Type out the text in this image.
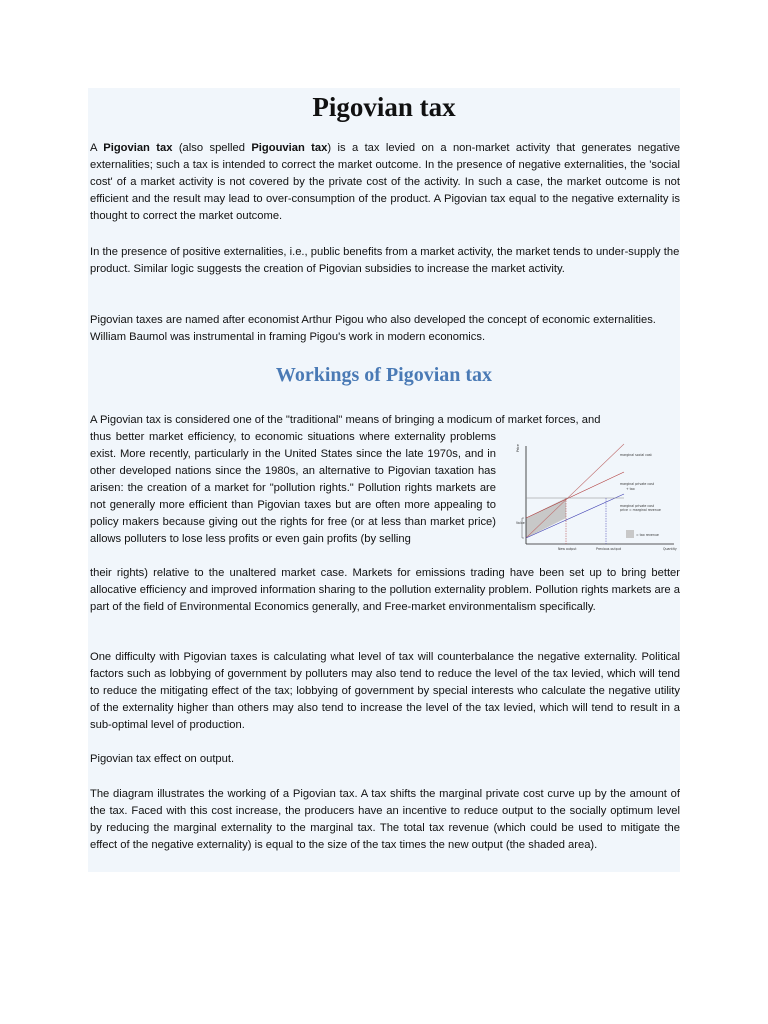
Pigovian tax

A Pigovian tax (also spelled Pigouvian tax) is a tax levied on a non-market activity that generates negative externalities; such a tax is intended to correct the market outcome. In the presence of negative externalities, the 'social cost' of a market activity is not covered by the private cost of the activity. In such a case, the market outcome is not efficient and the result may lead to over-consumption of the product. A Pigovian tax equal to the negative externality is thought to correct the market outcome.

In the presence of positive externalities, i.e., public benefits from a market activity, the market tends to under-supply the product. Similar logic suggests the creation of Pigovian subsidies to increase the market activity.

Pigovian taxes are named after economist Arthur Pigou who also developed the concept of economic externalities. William Baumol was instrumental in framing Pigou's work in modern economics.

Workings of Pigovian tax

A Pigovian tax is considered one of the "traditional" means of bringing a modicum of market forces, and

thus better market efficiency, to economic situations where externality problems exist. More recently, particularly in the United States since the late 1970s, and in other developed nations since the 1980s, an alternative to Pigovian taxation has arisen: the creation of a market for "pollution rights." Pollution rights markets are not generally more efficient than Pigovian taxes but are often more appealing to policy makers because giving out the rights for free (or at less than market price) allows polluters to lose less profits or even gain profits (by selling

Price
Quantity
marginal social cost
marginal private cost
+ tax
marginal private cost
price = marginal revenue
= tax revenue
Value
New output	Previous output

their rights) relative to the unaltered market case. Markets for emissions trading have been set up to bring better allocative efficiency and improved information sharing to the pollution externality problem. Pollution rights markets are a part of the field of Environmental Economics generally, and Free-market environmentalism specifically.

One difficulty with Pigovian taxes is calculating what level of tax will counterbalance the negative externality. Political factors such as lobbying of government by polluters may also tend to reduce the level of the tax levied, which will tend to reduce the mitigating effect of the tax; lobbying of government by special interests who calculate the negative utility of the externality higher than others may also tend to increase the level of the tax levied, which will tend to result in a sub-optimal level of production.

Pigovian tax effect on output.

The diagram illustrates the working of a Pigovian tax. A tax shifts the marginal private cost curve up by the amount of the tax. Faced with this cost increase, the producers have an incentive to reduce output to the socially optimum level by reducing the marginal externality to the marginal tax. The total tax revenue (which could be used to mitigate the effect of the negative externality) is equal to the size of the tax times the new output (the shaded area).
